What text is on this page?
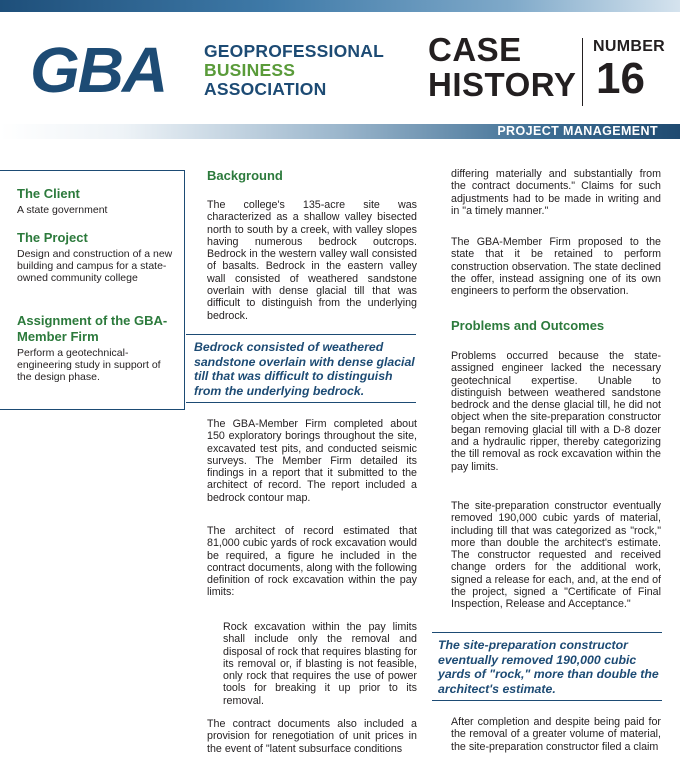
GBA GEOPROFESSIONAL
BUSINESS
ASSOCIATION
CASE
HISTORY
NUMBER
16
PROJECT MANAGEMENT
The Client
A state government
The Project
Design and construction of a new building and campus for a state-owned community college
Assignment of the GBA-Member Firm
Perform a geotechnical-engineering study in support of the design phase.
Background

The college's 135-acre site was characterized as a shallow valley bisected north to south by a creek, with valley slopes having numerous bedrock outcrops. Bedrock in the western valley wall consisted of basalts. Bedrock in the eastern valley wall consisted of weathered sandstone overlain with dense glacial till that was difficult to distinguish from the underlying bedrock.

Bedrock consisted of weathered sandstone overlain with dense glacial till that was difficult to distinguish from the underlying bedrock.

The GBA-Member Firm completed about 150 exploratory borings throughout the site, excavated test pits, and conducted seismic surveys. The Member Firm detailed its findings in a report that it submitted to the architect of record. The report included a bedrock contour map.

The architect of record estimated that 81,000 cubic yards of rock excavation would be required, a figure he included in the contract documents, along with the following definition of rock excavation within the pay limits:

Rock excavation within the pay limits shall include only the removal and disposal of rock that requires blasting for its removal or, if blasting is not feasible, only rock that requires the use of power tools for breaking it up prior to its removal.

The contract documents also included a provision for renegotiation of unit prices in the event of "latent subsurface conditions

differing materially and substantially from the contract documents." Claims for such adjustments had to be made in writing and in "a timely manner."

The GBA-Member Firm proposed to the state that it be retained to perform construction observation. The state declined the offer, instead assigning one of its own engineers to perform the observation.

Problems and Outcomes

Problems occurred because the state-assigned engineer lacked the necessary geotechnical expertise. Unable to distinguish between weathered sandstone bedrock and the dense glacial till, he did not object when the site-preparation constructor began removing glacial till with a D-8 dozer and a hydraulic ripper, thereby categorizing the till removal as rock excavation within the pay limits.

The site-preparation constructor eventually removed 190,000 cubic yards of material, including till that was categorized as "rock," more than double the architect's estimate. The constructor requested and received change orders for the additional work, signed a release for each, and, at the end of the project, signed a "Certificate of Final Inspection, Release and Acceptance."

The site-preparation constructor eventually removed 190,000 cubic yards of "rock," more than double the architect's estimate.

After completion and despite being paid for the removal of a greater volume of material, the site-preparation constructor filed a claim
